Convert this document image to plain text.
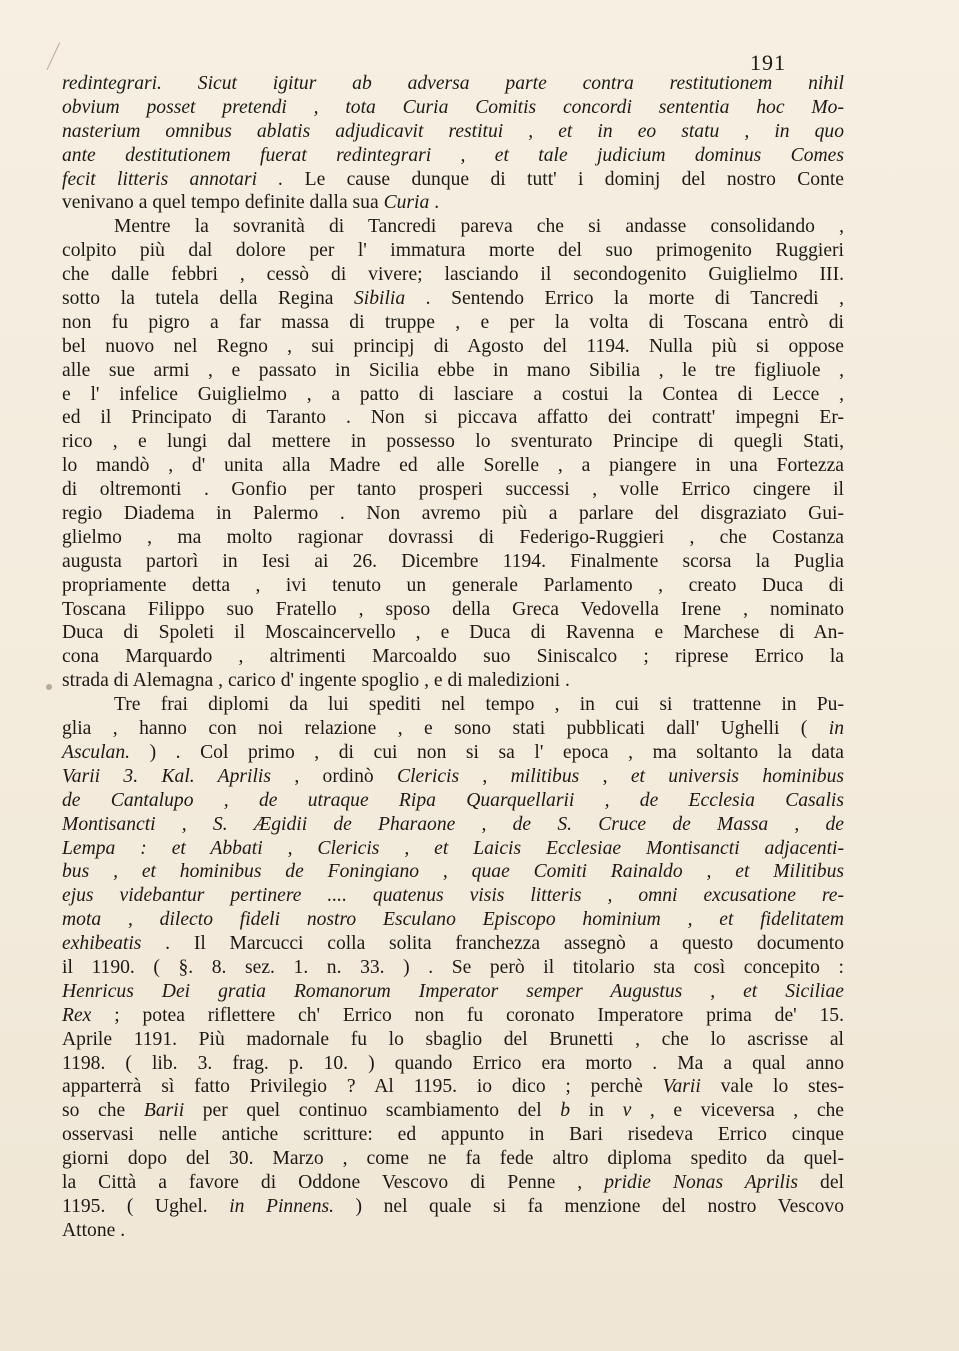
191
redintegrari. Sicut igitur ab adversa parte contra restitutionem nihil
obvium posset pretendi , tota Curia Comitis concordi sententia hoc Mo-
nasterium omnibus ablatis adjudicavit restitui , et in eo statu , in quo
ante destitutionem fuerat redintegrari , et tale judicium dominus Comes
fecit litteris annotari . Le cause dunque di tutt' i dominj del nostro Conte
venivano a quel tempo definite dalla sua Curia .
Mentre la sovranità di Tancredi pareva che si andasse consolidando ,
colpito più dal dolore per l' immatura morte del suo primogenito Ruggieri
che dalle febbri , cessò di vivere; lasciando il secondogenito Guiglielmo III.
sotto la tutela della Regina Sibilia . Sentendo Errico la morte di Tancredi ,
non fu pigro a far massa di truppe , e per la volta di Toscana entrò di
bel nuovo nel Regno , sui principj di Agosto del 1194. Nulla più si oppose
alle sue armi , e passato in Sicilia ebbe in mano Sibilia , le tre figliuole ,
e l' infelice Guiglielmo , a patto di lasciare a costui la Contea di Lecce ,
ed il Principato di Taranto . Non si piccava affatto dei contratt' impegni Er-
rico , e lungi dal mettere in possesso lo sventurato Principe di quegli Stati,
lo mandò , d' unita alla Madre ed alle Sorelle , a piangere in una Fortezza
di oltremonti . Gonfio per tanto prosperi successi , volle Errico cingere il
regio Diadema in Palermo . Non avremo più a parlare del disgraziato Gui-
glielmo , ma molto ragionar dovrassi di Federigo-Ruggieri , che Costanza
augusta partorì in Iesi ai 26. Dicembre 1194. Finalmente scorsa la Puglia
propriamente detta , ivi tenuto un generale Parlamento , creato Duca di
Toscana Filippo suo Fratello , sposo della Greca Vedovella Irene , nominato
Duca di Spoleti il Moscaincervello , e Duca di Ravenna e Marchese di An-
cona Marquardo , altrimenti Marcoaldo suo Siniscalco ; riprese Errico la
strada di Alemagna , carico d' ingente spoglio , e di maledizioni .
Tre frai diplomi da lui spediti nel tempo , in cui si trattenne in Pu-
glia , hanno con noi relazione , e sono stati pubblicati dall' Ughelli ( in
Asculan. ) . Col primo , di cui non si sa l' epoca , ma soltanto la data
Varii 3. Kal. Aprilis , ordinò Clericis , militibus , et universis hominibus
de Cantalupo , de utraque Ripa Quarquellarii , de Ecclesia Casalis
Montisancti , S. Ægidii de Pharaone , de S. Cruce de Massa , de
Lempa : et Abbati , Clericis , et Laicis Ecclesiae Montisancti adjacenti-
bus , et hominibus de Foningiano , quae Comiti Rainaldo , et Militibus
ejus videbantur pertinere .... quatenus visis litteris , omni excusatione re-
mota , dilecto fideli nostro Esculano Episcopo hominium , et fidelitatem
exhibeatis . Il Marcucci colla solita franchezza assegnò a questo documento
il 1190. ( §. 8. sez. 1. n. 33. ) . Se però il titolario sta così concepito :
Henricus Dei gratia Romanorum Imperator semper Augustus , et Siciliae
Rex ; potea riflettere ch' Errico non fu coronato Imperatore prima de' 15.
Aprile 1191. Più madornale fu lo sbaglio del Brunetti , che lo ascrisse al
1198. ( lib. 3. frag. p. 10. ) quando Errico era morto . Ma a qual anno
apparterrà sì fatto Privilegio ? Al 1195. io dico ; perchè Varii vale lo stes-
so che Barii per quel continuo scambiamento del b in v , e viceversa , che
osservasi nelle antiche scritture: ed appunto in Bari risedeva Errico cinque
giorni dopo del 30. Marzo , come ne fa fede altro diploma spedito da quel-
la Città a favore di Oddone Vescovo di Penne , pridie Nonas Aprilis del
1195. ( Ughel. in Pinnens. ) nel quale si fa menzione del nostro Vescovo
Attone .
